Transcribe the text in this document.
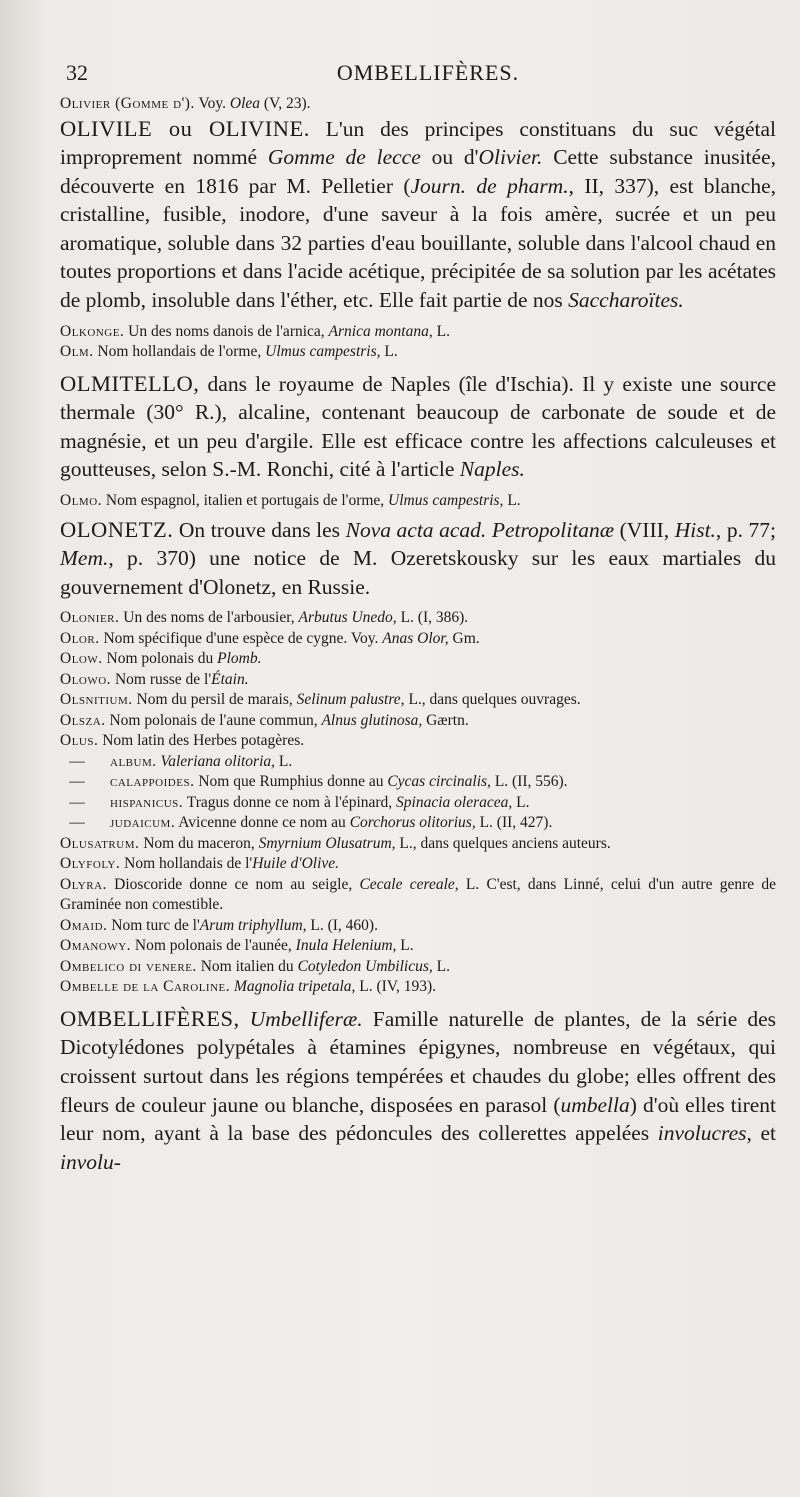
32	OMBELLIFÈRES.

Olivier (Gomme d'). Voy. Olea (V, 23).

OLIVILE ou OLIVINE. L'un des principes constituans du suc végétal improprement nommé Gomme de lecce ou d'Olivier. Cette substance inusitée, découverte en 1816 par M. Pelletier (Journ. de pharm., II, 337), est blanche, cristalline, fusible, inodore, d'une saveur à la fois amère, sucrée et un peu aromatique, soluble dans 32 parties d'eau bouillante, soluble dans l'alcool chaud en toutes proportions et dans l'acide acétique, précipitée de sa solution par les acétates de plomb, insoluble dans l'éther, etc. Elle fait partie de nos Saccharoïtes.

Olkonge. Un des noms danois de l'arnica, Arnica montana, L.

Olm. Nom hollandais de l'orme, Ulmus campestris, L.

OLMITELLO, dans le royaume de Naples (île d'Ischia). Il y existe une source thermale (30° R.), alcaline, contenant beaucoup de carbonate de soude et de magnésie, et un peu d'argile. Elle est efficace contre les affections calculeuses et goutteuses, selon S.-M. Ronchi, cité à l'article Naples.

Olmo. Nom espagnol, italien et portugais de l'orme, Ulmus campestris, L.

OLONETZ. On trouve dans les Nova acta acad. Petropolitanæ (VIII, Hist., p. 77; Mem., p. 370) une notice de M. Ozeretskousky sur les eaux martiales du gouvernement d'Olonetz, en Russie.

Olonier. Un des noms de l'arbousier, Arbutus Unedo, L. (I, 386).

Olor. Nom spécifique d'une espèce de cygne. Voy. Anas Olor, Gm.

Olow. Nom polonais du Plomb.

Olowo. Nom russe de l'Étain.

Olsnitium. Nom du persil de marais, Selinum palustre, L., dans quelques ouvrages.

Olsza. Nom polonais de l'aune commun, Alnus glutinosa, Gærtn.

Olus. Nom latin des Herbes potagères.

— album. Valeriana olitoria, L.
— calappoides. Nom que Rumphius donne au Cycas circinalis, L. (II, 556).
— hispanicus. Tragus donne ce nom à l'épinard, Spinacia oleracea, L.
— judaicum. Avicenne donne ce nom au Corchorus olitorius, L. (II, 427).

Olusatrum. Nom du maceron, Smyrnium Olusatrum, L., dans quelques anciens auteurs.

Olyfoly. Nom hollandais de l'Huile d'Olive.

Olyra. Dioscoride donne ce nom au seigle, Cecale cereale, L. C'est, dans Linné, celui d'un autre genre de Graminée non comestible.

Omaid. Nom turc de l'Arum triphyllum, L. (I, 460).

Omanowy. Nom polonais de l'aunée, Inula Helenium, L.

Ombelico di venere. Nom italien du Cotyledon Umbilicus, L.

Ombelle de la Caroline. Magnolia tripetala, L. (IV, 193).

OMBELLIFÈRES, Umbelliferæ. Famille naturelle de plantes, de la série des Dicotylédones polypétales à étamines épigynes, nombreuse en végétaux, qui croissent surtout dans les régions tempérées et chaudes du globe; elles offrent des fleurs de couleur jaune ou blanche, disposées en parasol (umbella) d'où elles tirent leur nom, ayant à la base des pédoncules des collerettes appelées involucres, et involu-
